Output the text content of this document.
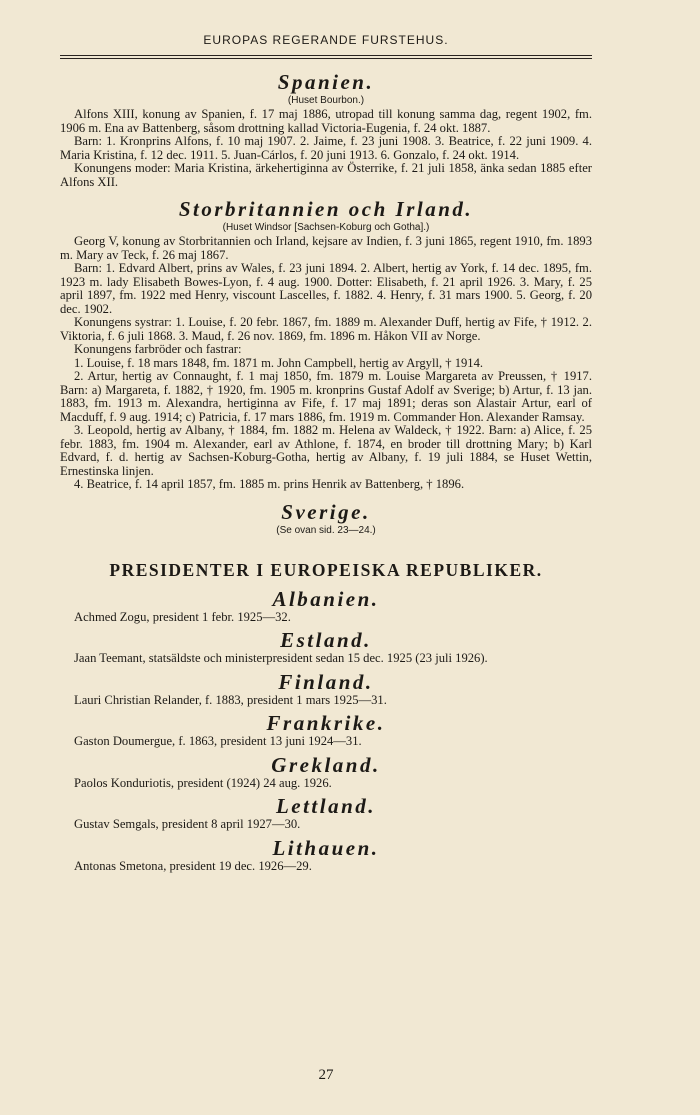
EUROPAS REGERANDE FURSTEHUS.
Spanien.
(Huset Bourbon.)

Alfons XIII, konung av Spanien, f. 17 maj 1886, utropad till konung samma dag, regent 1902, fm. 1906 m. Ena av Battenberg, såsom drottning kallad Victoria-Eugenia, f. 24 okt. 1887.

Barn: 1. Kronprins Alfons, f. 10 maj 1907. 2. Jaime, f. 23 juni 1908. 3. Beatrice, f. 22 juni 1909. 4. Maria Kristina, f. 12 dec. 1911. 5. Juan-Cárlos, f. 20 juni 1913. 6. Gonzalo, f. 24 okt. 1914.

Konungens moder: Maria Kristina, ärkehertiginna av Österrike, f. 21 juli 1858, änka sedan 1885 efter Alfons XII.

Storbritannien och Irland.
(Huset Windsor [Sachsen-Koburg och Gotha].)

Georg V, konung av Storbritannien och Irland, kejsare av Indien, f. 3 juni 1865, regent 1910, fm. 1893 m. Mary av Teck, f. 26 maj 1867.

Barn: 1. Edvard Albert, prins av Wales, f. 23 juni 1894. 2. Albert, hertig av York, f. 14 dec. 1895, fm. 1923 m. lady Elisabeth Bowes-Lyon, f. 4 aug. 1900. Dotter: Elisabeth, f. 21 april 1926. 3. Mary, f. 25 april 1897, fm. 1922 med Henry, viscount Lascelles, f. 1882. 4. Henry, f. 31 mars 1900. 5. Georg, f. 20 dec. 1902.

Konungens systrar: 1. Louise, f. 20 febr. 1867, fm. 1889 m. Alexander Duff, hertig av Fife, † 1912. 2. Viktoria, f. 6 juli 1868. 3. Maud, f. 26 nov. 1869, fm. 1896 m. Håkon VII av Norge.

Konungens farbröder och fastrar:

1. Louise, f. 18 mars 1848, fm. 1871 m. John Campbell, hertig av Argyll, † 1914.

2. Artur, hertig av Connaught, f. 1 maj 1850, fm. 1879 m. Louise Margareta av Preussen, † 1917. Barn: a) Margareta, f. 1882, † 1920, fm. 1905 m. kronprins Gustaf Adolf av Sverige; b) Artur, f. 13 jan. 1883, fm. 1913 m. Alexandra, hertiginna av Fife, f. 17 maj 1891; deras son Alastair Artur, earl of Macduff, f. 9 aug. 1914; c) Patricia, f. 17 mars 1886, fm. 1919 m. Commander Hon. Alexander Ramsay.

3. Leopold, hertig av Albany, † 1884, fm. 1882 m. Helena av Waldeck, † 1922. Barn: a) Alice, f. 25 febr. 1883, fm. 1904 m. Alexander, earl av Athlone, f. 1874, en broder till drottning Mary; b) Karl Edvard, f. d. hertig av Sachsen-Koburg-Gotha, hertig av Albany, f. 19 juli 1884, se Huset Wettin, Ernestinska linjen.

4. Beatrice, f. 14 april 1857, fm. 1885 m. prins Henrik av Battenberg, † 1896.

Sverige.
(Se ovan sid. 23—24.)
PRESIDENTER I EUROPEISKA REPUBLIKER.
Albanien.

Achmed Zogu, president 1 febr. 1925—32.

Estland.

Jaan Teemant, statsäldste och ministerpresident sedan 15 dec. 1925 (23 juli 1926).

Finland.

Lauri Christian Relander, f. 1883, president 1 mars 1925—31.

Frankrike.

Gaston Doumergue, f. 1863, president 13 juni 1924—31.

Grekland.

Paolos Konduriotis, president (1924) 24 aug. 1926.

Lettland.

Gustav Semgals, president 8 april 1927—30.

Lithauen.

Antonas Smetona, president 19 dec. 1926—29.

27
